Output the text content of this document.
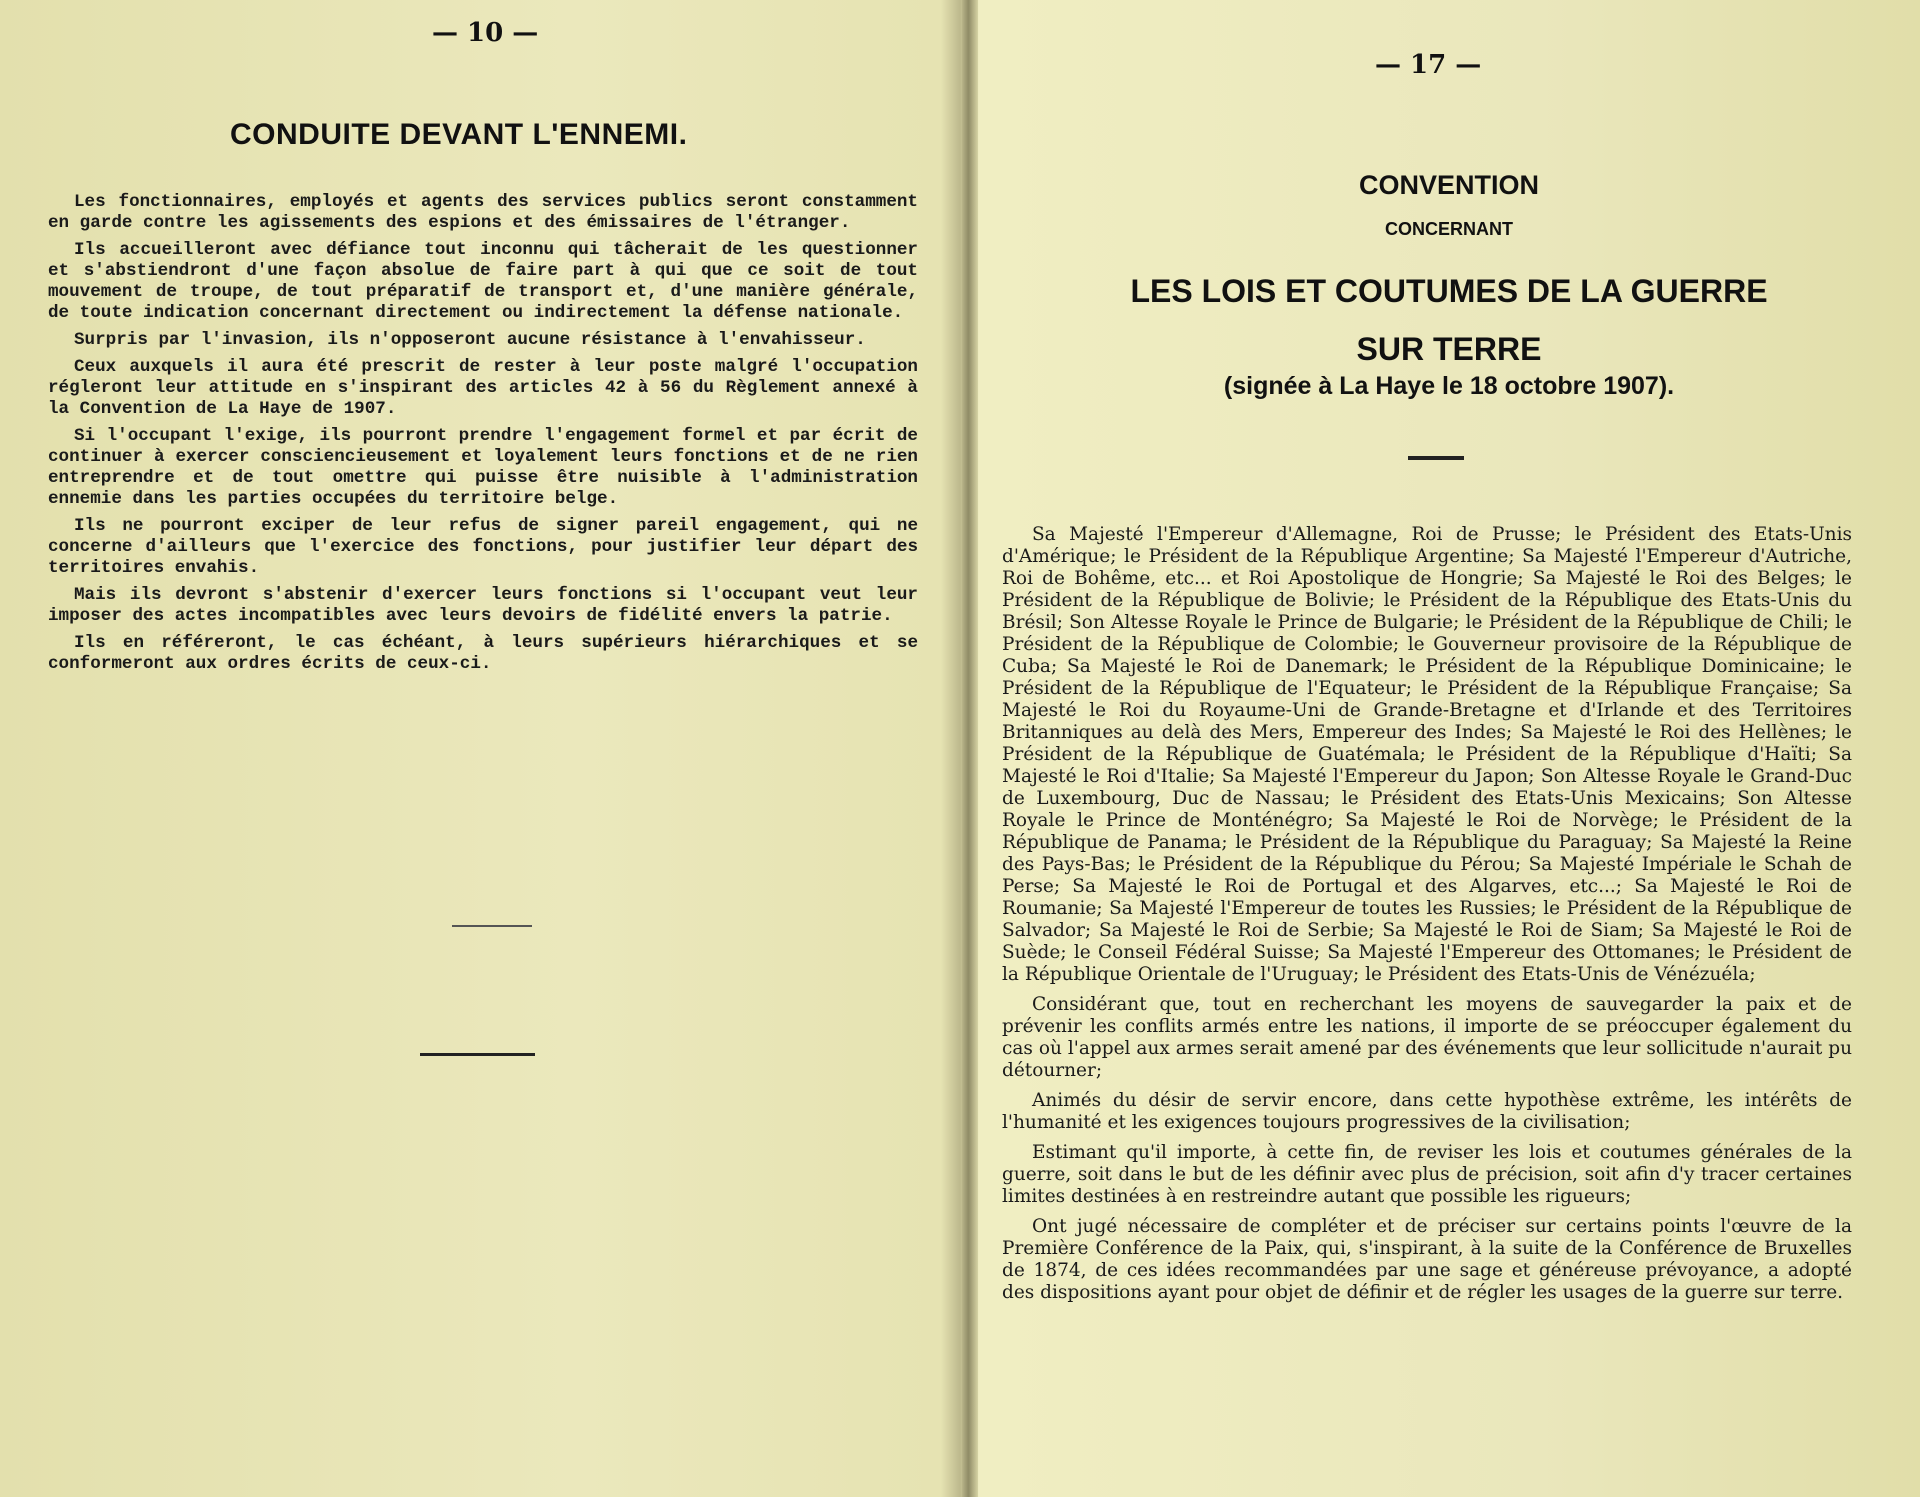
— 10 —
CONDUITE DEVANT L'ENNEMI.

Les fonctionnaires, employés et agents des services publics seront constamment en garde contre les agissements des espions et des émissaires de l'étranger.

Ils accueilleront avec défiance tout inconnu qui tâcherait de les questionner et s'abstiendront d'une façon absolue de faire part à qui que ce soit de tout mouvement de troupe, de tout préparatif de transport et, d'une manière générale, de toute indication concernant directement ou indirectement la défense nationale.

Surpris par l'invasion, ils n'opposeront aucune résistance à l'envahisseur.

Ceux auxquels il aura été prescrit de rester à leur poste malgré l'occupation régleront leur attitude en s'inspirant des articles 42 à 56 du Règlement annexé à la Convention de La Haye de 1907.

Si l'occupant l'exige, ils pourront prendre l'engagement formel et par écrit de continuer à exercer consciencieusement et loyalement leurs fonctions et de ne rien entreprendre et de tout omettre qui puisse être nuisible à l'administration ennemie dans les parties occupées du territoire belge.

Ils ne pourront exciper de leur refus de signer pareil engagement, qui ne concerne d'ailleurs que l'exercice des fonctions, pour justifier leur départ des territoires envahis.

Mais ils devront s'abstenir d'exercer leurs fonctions si l'occupant veut leur imposer des actes incompatibles avec leurs devoirs de fidélité envers la patrie.

Ils en référeront, le cas échéant, à leurs supérieurs hiérarchiques et se conformeront aux ordres écrits de ceux-ci.

— 17 —
CONVENTION
CONCERNANT
LES LOIS ET COUTUMES DE LA GUERRE
SUR TERRE
(signée à La Haye le 18 octobre 1907).

Sa Majesté l'Empereur d'Allemagne, Roi de Prusse; le Président des Etats-Unis d'Amérique; le Président de la République Argentine; Sa Majesté l'Empereur d'Autriche, Roi de Bohême, etc... et Roi Apostolique de Hongrie; Sa Majesté le Roi des Belges; le Président de la République de Bolivie; le Président de la République des Etats-Unis du Brésil; Son Altesse Royale le Prince de Bulgarie; le Président de la République de Chili; le Président de la République de Colombie; le Gouverneur provisoire de la République de Cuba; Sa Majesté le Roi de Danemark; le Président de la République Dominicaine; le Président de la République de l'Equateur; le Président de la République Française; Sa Majesté le Roi du Royaume-Uni de Grande-Bretagne et d'Irlande et des Territoires Britanniques au delà des Mers, Empereur des Indes; Sa Majesté le Roi des Hellènes; le Président de la République de Guatémala; le Président de la République d'Haïti; Sa Majesté le Roi d'Italie; Sa Majesté l'Empereur du Japon; Son Altesse Royale le Grand-Duc de Luxembourg, Duc de Nassau; le Président des Etats-Unis Mexicains; Son Altesse Royale le Prince de Monténégro; Sa Majesté le Roi de Norvège; le Président de la République de Panama; le Président de la République du Paraguay; Sa Majesté la Reine des Pays-Bas; le Président de la République du Pérou; Sa Majesté Impériale le Schah de Perse; Sa Majesté le Roi de Portugal et des Algarves, etc...; Sa Majesté le Roi de Roumanie; Sa Majesté l'Empereur de toutes les Russies; le Président de la République de Salvador; Sa Majesté le Roi de Serbie; Sa Majesté le Roi de Siam; Sa Majesté le Roi de Suède; le Conseil Fédéral Suisse; Sa Majesté l'Empereur des Ottomanes; le Président de la République Orientale de l'Uruguay; le Président des Etats-Unis de Vénézuéla;

Considérant que, tout en recherchant les moyens de sauvegarder la paix et de prévenir les conflits armés entre les nations, il importe de se préoccuper également du cas où l'appel aux armes serait amené par des événements que leur sollicitude n'aurait pu détourner;

Animés du désir de servir encore, dans cette hypothèse extrême, les intérêts de l'humanité et les exigences toujours progressives de la civilisation;

Estimant qu'il importe, à cette fin, de reviser les lois et coutumes générales de la guerre, soit dans le but de les définir avec plus de précision, soit afin d'y tracer certaines limites destinées à en restreindre autant que possible les rigueurs;

Ont jugé nécessaire de compléter et de préciser sur certains points l'œuvre de la Première Conférence de la Paix, qui, s'inspirant, à la suite de la Conférence de Bruxelles de 1874, de ces idées recommandées par une sage et généreuse prévoyance, a adopté des dispositions ayant pour objet de définir et de régler les usages de la guerre sur terre.
